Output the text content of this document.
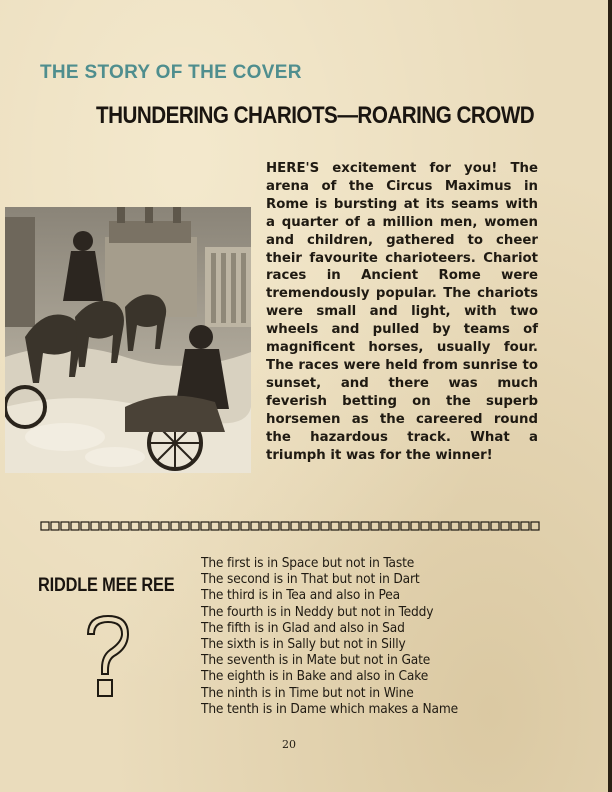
THE STORY OF THE COVER
THUNDERING CHARIOTS—ROARING CROWD

HERE'S excitement for you! The arena of the Circus Maximus in Rome is bursting at its seams with a quarter of a million men, women and children, gathered to cheer their favourite charioteers. Chariot races in Ancient Rome were tremendously popular. The chariots were small and light, with two wheels and pulled by teams of magnificent horses, usually four. The races were held from sunrise to sunset, and there was much feverish betting on the superb horsemen as the careered round the hazardous track. What a triumph it was for the winner!

RIDDLE MEE REE
The first is in Space but not in Taste
The second is in That but not in Dart
The third is in Tea and also in Pea
The fourth is in Neddy but not in Teddy
The fifth is in Glad and also in Sad
The sixth is in Sally but not in Silly
The seventh is in Mate but not in Gate
The eighth is in Bake and also in Cake
The ninth is in Time but not in Wine
The tenth is in Dame which makes a Name

20
